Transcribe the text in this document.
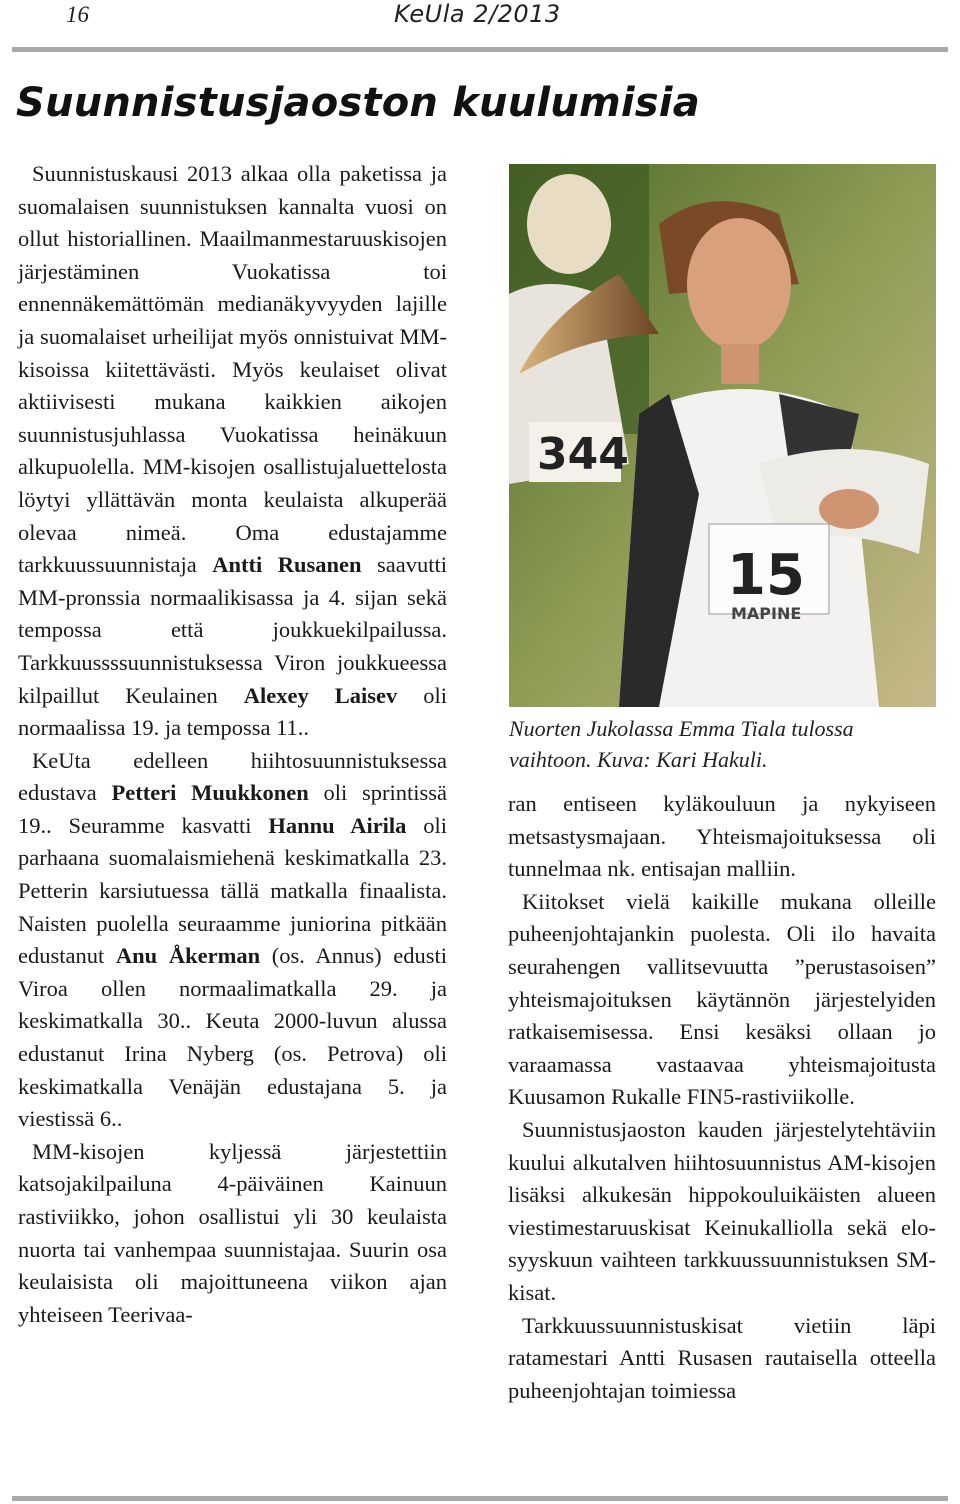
16	KeUla 2/2013
Suunnistusjaoston kuulumisia

Suunnistuskausi 2013 alkaa olla paketissa ja suomalaisen suunnistuksen kannalta vuosi on ollut historiallinen. Maailmanmestaruuskisojen järjestäminen Vuokatissa toi ennennäkemättömän medianäkyvyyden lajille ja suomalaiset urheilijat myös onnistuivat MM-kisoissa kiitettävästi. Myös keulaiset olivat aktiivisesti mukana kaikkien aikojen suunnistusjuhlassa Vuokatissa heinäkuun alkupuolella. MM-kisojen osallistujaluettelosta löytyi yllättävän monta keulaista alkuperää olevaa nimeä. Oma edustajamme tarkkuussuunnistaja Antti Rusanen saavutti MM-pronssia normaalikisassa ja 4. sijan sekä tempossa että joukkuekilpailussa. Tarkkuussssuunnistuksessa Viron joukkueessa kilpaillut Keulainen Alexey Laisev oli normaalissa 19. ja tempossa 11..

KeUta edelleen hiihtosuunnistuksessa edustava Petteri Muukkonen oli sprintissä 19.. Seuramme kasvatti Hannu Airila oli parhaana suomalaismiehenä keskimatkalla 23. Petterin karsiutuessa tällä matkalla finaalista. Naisten puolella seuraamme juniorina pitkään edustanut Anu Åkerman (os. Annus) edusti Viroa ollen normaalimatkalla 29. ja keskimatkalla 30.. Keuta 2000-luvun alussa edustanut Irina Nyberg (os. Petrova) oli keskimatkalla Venäjän edustajana 5. ja viestissä 6..

MM-kisojen kyljessä järjestettiin katsojakilpailuna 4-päiväinen Kainuun rastiviikko, johon osallistui yli 30 keulaista nuorta tai vanhempaa suunnistajaa. Suurin osa keulaisista oli majoittuneena viikon ajan yhteiseen Teerivaa-

344
15
MAPINE
Nuorten Jukolassa Emma Tiala tulossa vaihtoon. Kuva: Kari Hakuli.

ran entiseen kyläkouluun ja nykyiseen metsastysmajaan. Yhteismajoituksessa oli tunnelmaa nk. entisajan malliin.

Kiitokset vielä kaikille mukana olleille puheenjohtajankin puolesta. Oli ilo havaita seurahengen vallitsevuutta ”perustasoisen” yhteismajoituksen käytännön järjestelyiden ratkaisemisessa. Ensi kesäksi ollaan jo varaamassa vastaavaa yhteismajoitusta Kuusamon Rukalle FIN5-rastiviikolle.

Suunnistusjaoston kauden järjestelytehtäviin kuului alkutalven hiihtosuunnistus AM-kisojen lisäksi alkukesän hippokouluikäisten alueen viestimestaruuskisat Keinukalliolla sekä elo-syyskuun vaihteen tarkkuussuunnistuksen SM-kisat.

Tarkkuussuunnistuskisat vietiin läpi ratamestari Antti Rusasen rautaisella otteella puheenjohtajan toimiessa
